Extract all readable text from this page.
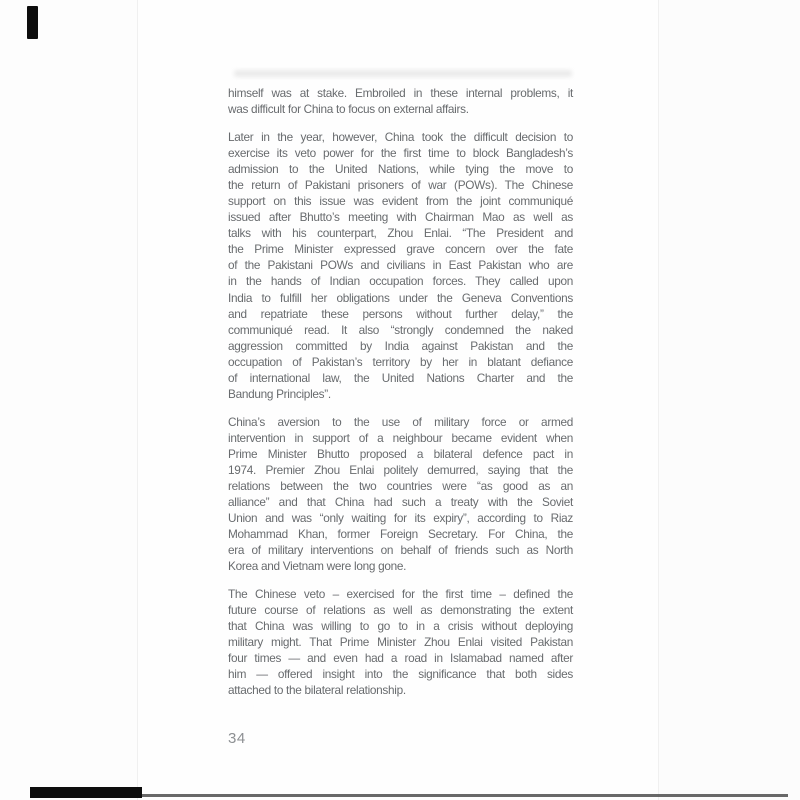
himself was at stake. Embroiled in these internal problems, it
was difficult for China to focus on external affairs.
Later in the year, however, China took the difficult decision to
exercise its veto power for the first time to block Bangladesh’s
admission to the United Nations, while tying the move to
the return of Pakistani prisoners of war (POWs). The Chinese
support on this issue was evident from the joint communiqué
issued after Bhutto’s meeting with Chairman Mao as well as
talks with his counterpart, Zhou Enlai. “The President and
the Prime Minister expressed grave concern over the fate
of the Pakistani POWs and civilians in East Pakistan who are
in the hands of Indian occupation forces. They called upon
India to fulfill her obligations under the Geneva Conventions
and repatriate these persons without further delay,” the
communiqué read. It also “strongly condemned the naked
aggression committed by India against Pakistan and the
occupation of Pakistan’s territory by her in blatant defiance
of international law, the United Nations Charter and the
Bandung Principles”.
China’s aversion to the use of military force or armed
intervention in support of a neighbour became evident when
Prime Minister Bhutto proposed a bilateral defence pact in
1974. Premier Zhou Enlai politely demurred, saying that the
relations between the two countries were “as good as an
alliance” and that China had such a treaty with the Soviet
Union and was “only waiting for its expiry”, according to Riaz
Mohammad Khan, former Foreign Secretary. For China, the
era of military interventions on behalf of friends such as North
Korea and Vietnam were long gone.
The Chinese veto – exercised for the first time – defined the
future course of relations as well as demonstrating the extent
that China was willing to go to in a crisis without deploying
military might. That Prime Minister Zhou Enlai visited Pakistan
four times — and even had a road in Islamabad named after
him — offered insight into the significance that both sides
attached to the bilateral relationship.
34
